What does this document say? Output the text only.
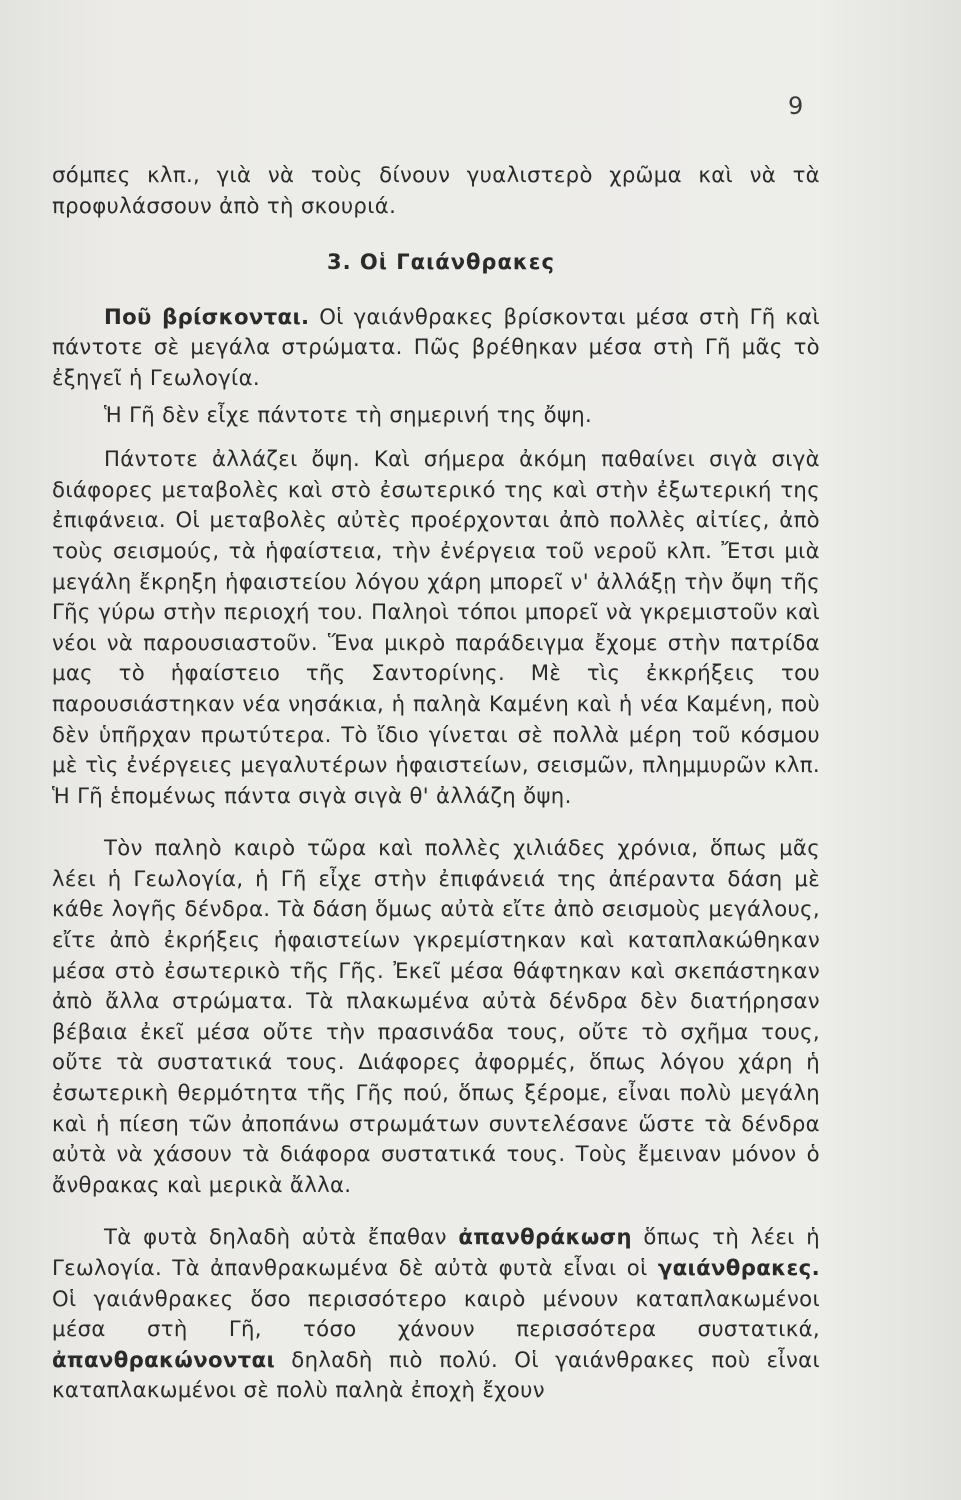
9

σόμπες κλπ., γιὰ νὰ τοὺς δίνουν γυαλιστερὸ χρῶμα καὶ νὰ τὰ προφυλάσσουν ἀπὸ τὴ σκουριά.

3. Οἱ Γαιάνθρακες

Ποῦ βρίσκονται. Οἱ γαιάνθρακες βρίσκονται μέσα στὴ Γῆ καὶ πάντοτε σὲ μεγάλα στρώματα. Πῶς βρέθηκαν μέσα στὴ Γῆ μᾶς τὸ ἐξηγεῖ ἡ Γεωλογία.

Ἡ Γῆ δὲν εἶχε πάντοτε τὴ σημερινή της ὄψη.

Πάντοτε ἀλλάζει ὄψη. Καὶ σήμερα ἀκόμη παθαίνει σιγὰ σιγὰ διάφορες μεταβολὲς καὶ στὸ ἐσωτερικό της καὶ στὴν ἐξωτερική της ἐπιφάνεια. Οἱ μεταβολὲς αὐτὲς προέρχονται ἀπὸ πολλὲς αἰτίες, ἀπὸ τοὺς σεισμούς, τὰ ἡφαίστεια, τὴν ἐνέργεια τοῦ νεροῦ κλπ. Ἔτσι μιὰ μεγάλη ἔκρηξη ἡφαιστείου λόγου χάρη μπορεῖ ν' ἀλλάξῃ τὴν ὄψη τῆς Γῆς γύρω στὴν περιοχή του. Παληοὶ τόποι μπορεῖ νὰ γκρεμιστοῦν καὶ νέοι νὰ παρουσιαστοῦν. Ἕνα μικρὸ παράδειγμα ἔχομε στὴν πατρίδα μας τὸ ἡφαίστειο τῆς Σαντορίνης. Μὲ τὶς ἐκκρήξεις του παρουσιάστηκαν νέα νησάκια, ἡ παληὰ Καμένη καὶ ἡ νέα Καμένη, ποὺ δὲν ὑπῆρχαν πρωτύτερα. Τὸ ἴδιο γίνεται σὲ πολλὰ μέρη τοῦ κόσμου μὲ τὶς ἐνέργειες μεγαλυτέρων ἡφαιστείων, σεισμῶν, πλημμυρῶν κλπ. Ἡ Γῆ ἑπομένως πάντα σιγὰ σιγὰ θ' ἀλλάζη ὄψη.

Τὸν παληὸ καιρὸ τῶρα καὶ πολλὲς χιλιάδες χρόνια, ὅπως μᾶς λέει ἡ Γεωλογία, ἡ Γῆ εἶχε στὴν ἐπιφάνειά της ἀπέραντα δάση μὲ κάθε λογῆς δένδρα. Τὰ δάση ὅμως αὐτὰ εἴτε ἀπὸ σεισμοὺς μεγάλους, εἴτε ἀπὸ ἐκρήξεις ἡφαιστείων γκρεμίστηκαν καὶ καταπλακώθηκαν μέσα στὸ ἐσωτερικὸ τῆς Γῆς. Ἐκεῖ μέσα θάφτηκαν καὶ σκεπάστηκαν ἀπὸ ἄλλα στρώματα. Τὰ πλακωμένα αὐτὰ δένδρα δὲν διατήρησαν βέβαια ἐκεῖ μέσα οὔτε τὴν πρασινάδα τους, οὔτε τὸ σχῆμα τους, οὔτε τὰ συστατικά τους. Διάφορες ἀφορμές, ὅπως λόγου χάρη ἡ ἐσωτερικὴ θερμότητα τῆς Γῆς πού, ὅπως ξέρομε, εἶναι πολὺ μεγάλη καὶ ἡ πίεση τῶν ἀποπάνω στρωμάτων συντελέσανε ὥστε τὰ δένδρα αὐτὰ νὰ χάσουν τὰ διάφορα συστατικά τους. Τοὺς ἔμειναν μόνον ὁ ἄνθρακας καὶ μερικὰ ἄλλα.

Τὰ φυτὰ δηλαδὴ αὐτὰ ἔπαθαν ἀπανθράκωση ὅπως τὴ λέει ἡ Γεωλογία. Τὰ ἀπανθρακωμένα δὲ αὐτὰ φυτὰ εἶναι οἱ γαιάνθρακες. Οἱ γαιάνθρακες ὅσο περισσότερο καιρὸ μένουν καταπλακωμένοι μέσα στὴ Γῆ, τόσο χάνουν περισσότερα συστατικά, ἀπανθρακώνονται δηλαδὴ πιὸ πολύ. Οἱ γαιάνθρακες ποὺ εἶναι καταπλακωμένοι σὲ πολὺ παληὰ ἐποχὴ ἔχουν
